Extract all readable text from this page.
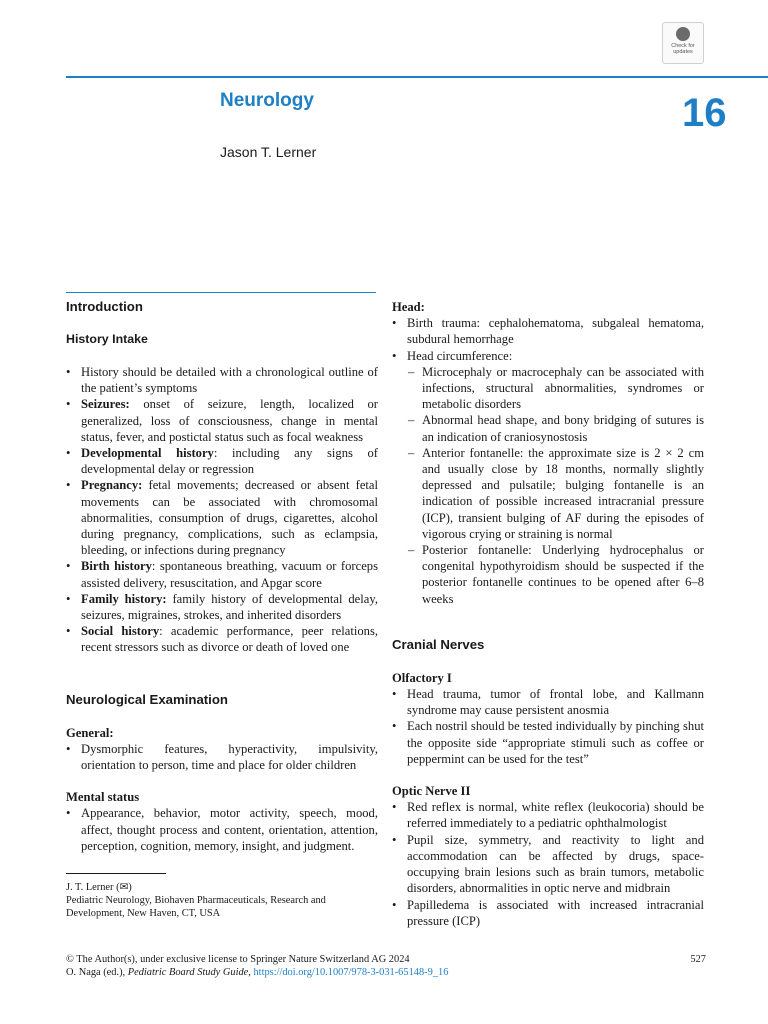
Check for
updates
Neurology	16
Jason T. Lerner
Introduction
History Intake
• History should be detailed with a chronological outline of the patient’s symptoms
• Seizures: onset of seizure, length, localized or generalized, loss of consciousness, change in mental status, fever, and postictal status such as focal weakness
• Developmental history: including any signs of developmental delay or regression
• Pregnancy: fetal movements; decreased or absent fetal movements can be associated with chromosomal abnormalities, consumption of drugs, cigarettes, alcohol during pregnancy, complications, such as eclampsia, bleeding, or infections during pregnancy
• Birth history: spontaneous breathing, vacuum or forceps assisted delivery, resuscitation, and Apgar score
• Family history: family history of developmental delay, seizures, migraines, strokes, and inherited disorders
• Social history: academic performance, peer relations, recent stressors such as divorce or death of loved one
Neurological Examination
General:
• Dysmorphic features, hyperactivity, impulsivity, orientation to person, time and place for older children
Mental status
• Appearance, behavior, motor activity, speech, mood, affect, thought process and content, orientation, attention, perception, cognition, memory, insight, and judgment.
Head:
• Birth trauma: cephalohematoma, subgaleal hematoma, subdural hemorrhage
• Head circumference:
– Microcephaly or macrocephaly can be associated with infections, structural abnormalities, syndromes or metabolic disorders
– Abnormal head shape, and bony bridging of sutures is an indication of craniosynostosis
– Anterior fontanelle: the approximate size is 2 × 2 cm and usually close by 18 months, normally slightly depressed and pulsatile; bulging fontanelle is an indication of possible increased intracranial pressure (ICP), transient bulging of AF during the episodes of vigorous crying or straining is normal
– Posterior fontanelle: Underlying hydrocephalus or congenital hypothyroidism should be suspected if the posterior fontanelle continues to be opened after 6–8 weeks
Cranial Nerves
Olfactory I
• Head trauma, tumor of frontal lobe, and Kallmann syndrome may cause persistent anosmia
• Each nostril should be tested individually by pinching shut the opposite side “appropriate stimuli such as coffee or peppermint can be used for the test”
Optic Nerve II
• Red reflex is normal, white reflex (leukocoria) should be referred immediately to a pediatric ophthalmologist
• Pupil size, symmetry, and reactivity to light and accommodation can be affected by drugs, space-occupying brain lesions such as brain tumors, metabolic disorders, abnormalities in optic nerve and midbrain
• Papilledema is associated with increased intracranial pressure (ICP)
J. T. Lerner (✉)
Pediatric Neurology, Biohaven Pharmaceuticals, Research and Development, New Haven, CT, USA
© The Author(s), under exclusive license to Springer Nature Switzerland AG 2024
O. Naga (ed.), Pediatric Board Study Guide, https://doi.org/10.1007/978-3-031-65148-9_16
527
